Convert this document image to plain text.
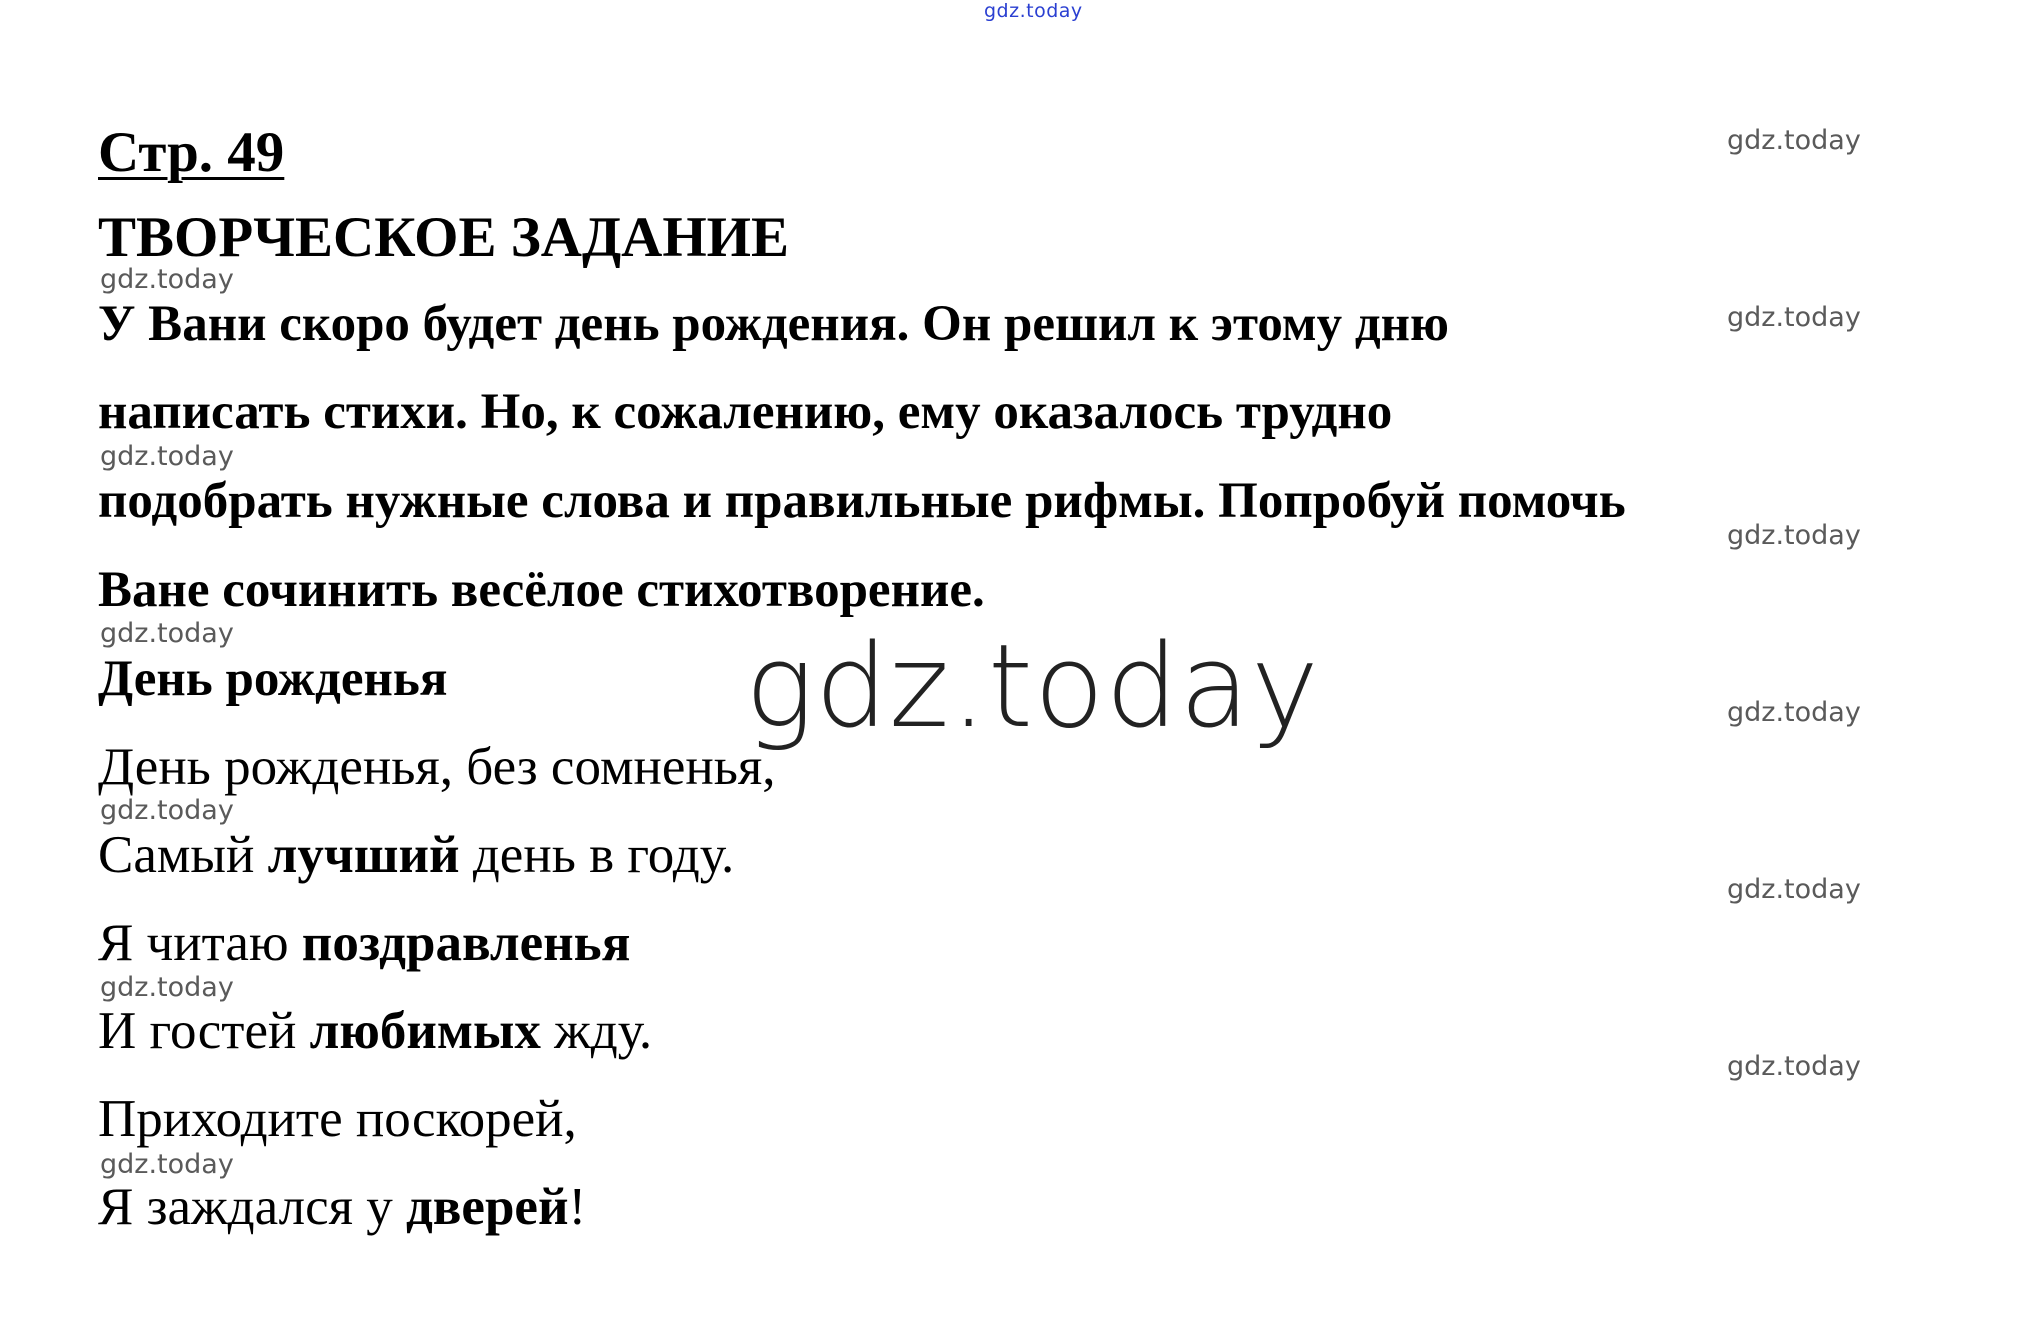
gdz.today
Стр. 49
ТВОРЧЕСКОЕ ЗАДАНИЕ
У Вани скоро будет день рождения. Он решил к этому дню
написать стихи. Но, к сожалению, ему оказалось трудно
подобрать нужные слова и правильные рифмы. Попробуй помочь
Ване сочинить весёлое стихотворение.
День рожденья
День рожденья, без сомненья,
Самый лучший день в году.
Я читаю поздравленья
И гостей любимых жду.
Приходите поскорей,
Я заждался у дверей!
gdz.today
gdz.today
gdz.today
gdz.today
gdz.today
gdz.today
gdz.today
gdz.today
gdz.today
gdz.today
gdz.today
gdz.today
gdz.today
